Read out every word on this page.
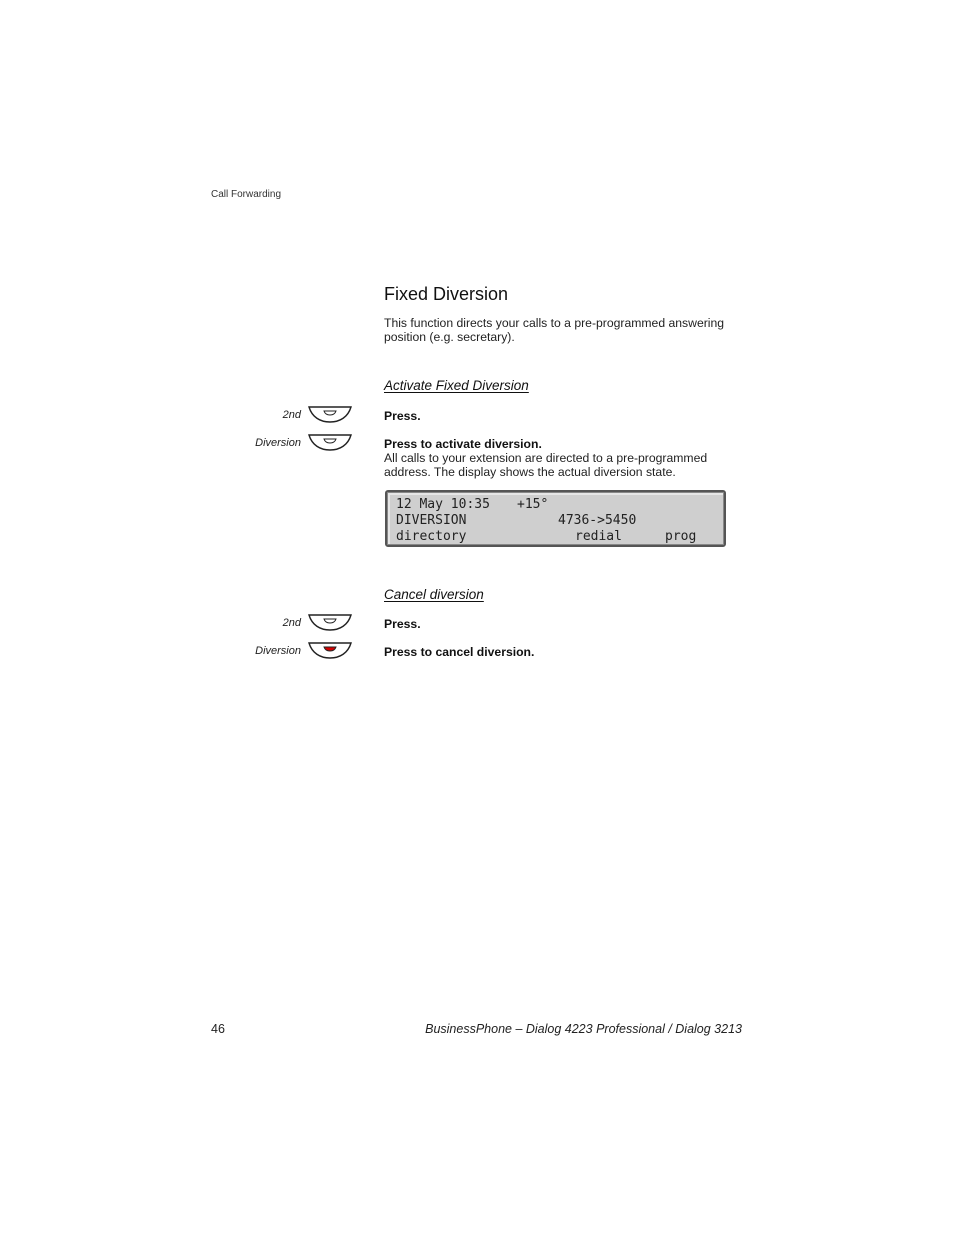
Call Forwarding
Fixed Diversion
This function directs your calls to a pre-programmed answering position (e.g. secretary).
Activate Fixed Diversion
2nd	Press.
Diversion	Press to activate diversion.
All calls to your extension are directed to a pre-programmed address. The display shows the actual diversion state.
12 May 10:35 +15°
DIVERSION	4736->5450
directory	redial	prog
Cancel diversion
2nd	Press.
Diversion	Press to cancel diversion.
46	BusinessPhone – Dialog 4223 Professional / Dialog 3213
